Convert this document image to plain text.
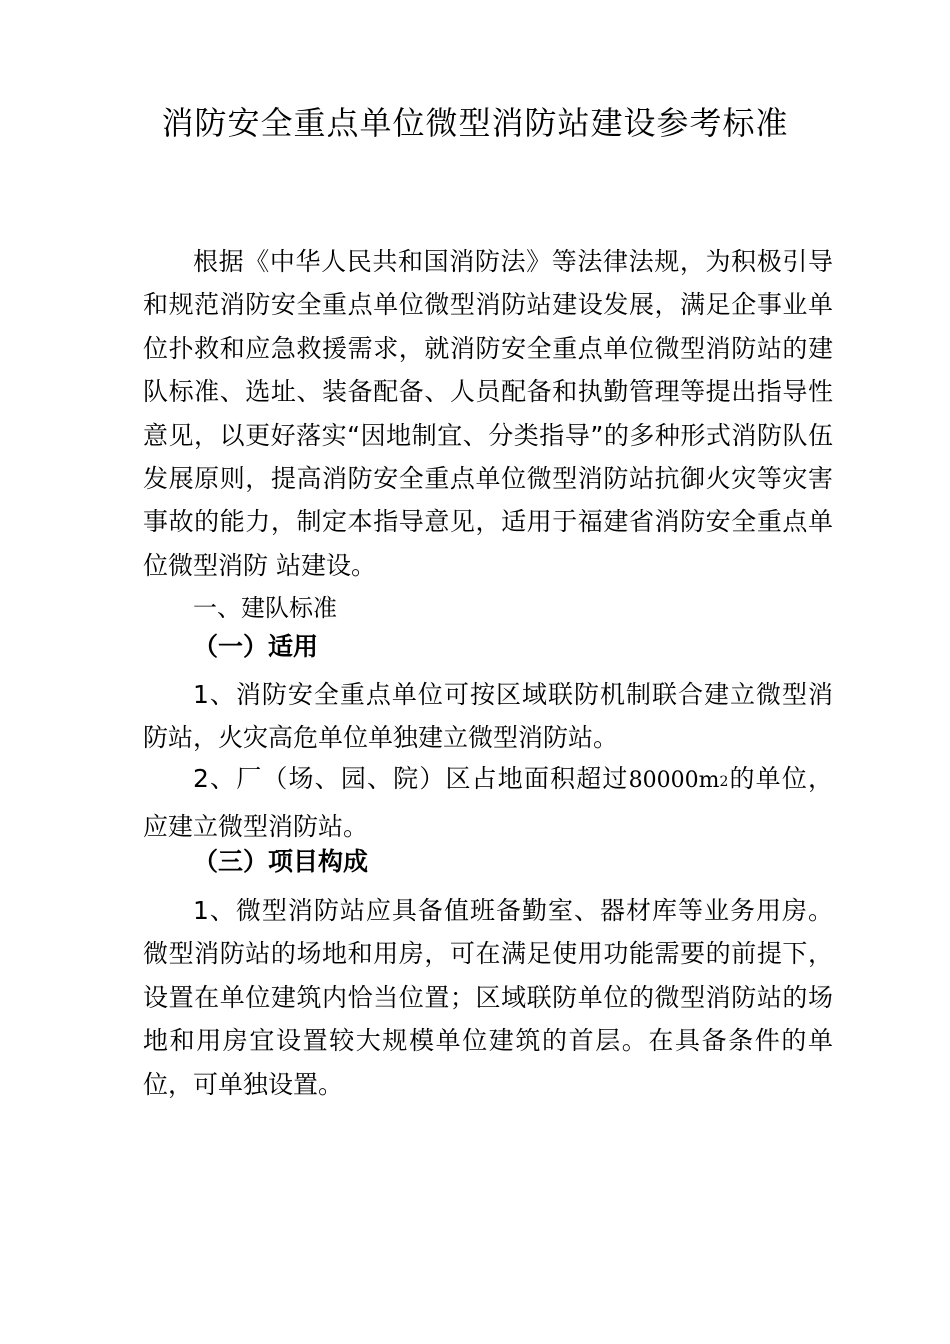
消防安全重点单位微型消防站建设参考标准

根据《中华人民共和国消防法》等法律法规，为积极引导和规范消防安全重点单位微型消防站建设发展，满足企事业单位扑救和应急救援需求，就消防安全重点单位微型消防站的建队标准、选址、装备配备、人员配备和执勤管理等提出指导性意见，以更好落实“因地制宜、分类指导”的多种形式消防队伍发展原则，提高消防安全重点单位微型消防站抗御火灾等灾害事故的能力，制定本指导意见，适用于福建省消防安全重点单位微型消防 站建设。

一、建队标准

（一）适用

1、消防安全重点单位可按区域联防机制联合建立微型消防站，火灾高危单位单独建立微型消防站。

2、厂（场、园、院）区占地面积超过80000m2的单位，应建立微型消防站。

（三）项目构成

1、微型消防站应具备值班备勤室、器材库等业务用房。微型消防站的场地和用房，可在满足使用功能需要的前提下，设置在单位建筑内恰当位置；区域联防单位的微型消防站的场地和用房宜设置较大规模单位建筑的首层。在具备条件的单位，可单独设置。
